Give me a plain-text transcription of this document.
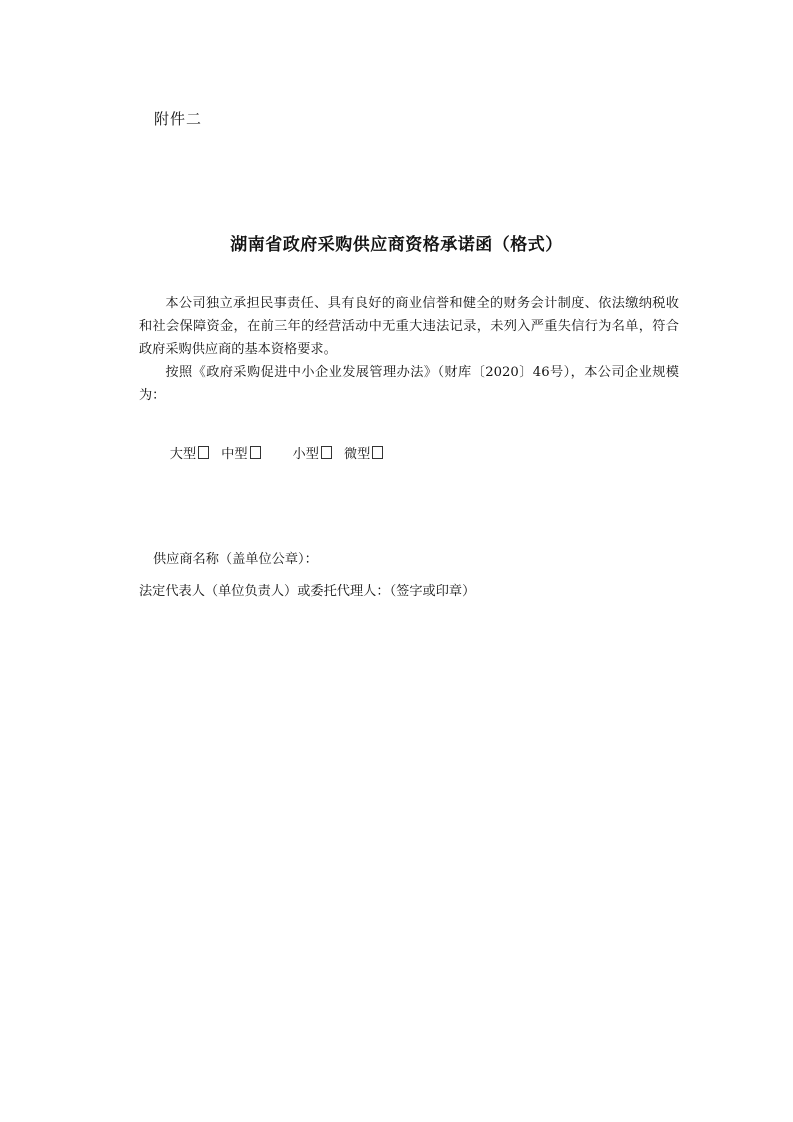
附件二
湖南省政府采购供应商资格承诺函（格式）

本公司独立承担民事责任、具有良好的商业信誉和健全的财务会计制度、依法缴纳税收和社会保障资金，在前三年的经营活动中无重大违法记录，未列入严重失信行为名单，符合政府采购供应商的基本资格要求。

按照《政府采购促进中小企业发展管理办法》（财库〔2020〕46号），本公司企业规模为：

大型 中型	小型 微型

供应商名称（盖单位公章）：
法定代表人（单位负责人）或委托代理人：（签字或印章）
